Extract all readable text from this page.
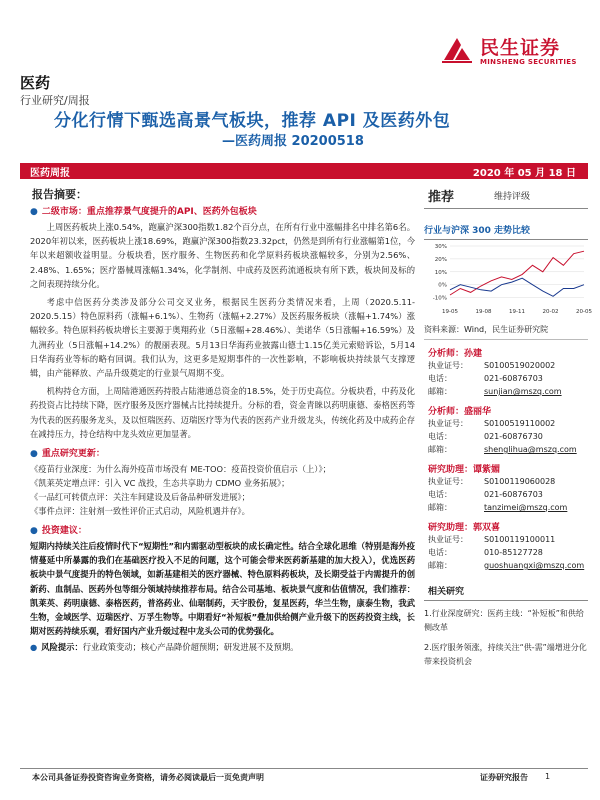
民生证券
MINSHENG SECURITIES
医药
行业研究/周报
分化行情下甄选高景气板块，推荐 API 及医药外包
—医药周报 20200518
医药周报	2020 年 05 月 18 日
报告摘要：
● 二级市场：重点推荐景气度提升的API、医药外包板块

上周医药板块上涨0.54%，跑赢沪深300指数1.82个百分点，在所有行业中涨幅排名中排名第6名。2020年初以来，医药板块上涨18.69%，跑赢沪深300指数23.32pct，仍然是到所有行业涨幅第1位，今年以来超额收益明显。分板块看，医疗服务、生物医药和化学原料药板块涨幅较多，分别为2.56%、2.48%、1.65%；医疗器械周涨幅1.34%，化学制剂、中成药及医药流通板块有所下跌，板块间及标的之间表现持续分化。

考虑中信医药分类涉及部分公司交叉业务，根据民生医药分类情况来看，上周（2020.5.11-2020.5.15）特色原料药（涨幅+6.1%）、生物药（涨幅+2.27%）及医药服务板块（涨幅+1.74%）涨幅较多。特色原料药板块增长主要源于奥翔药业（5日涨幅+28.46%）、美诺华（5日涨幅+16.59%）及九洲药业（5日涨幅+14.2%）的靓丽表现。5月13日华海药业披露山德士1.15亿美元索赔诉讼，5月14日华海药业等标的略有回调。我们认为，这更多是短期事件的一次性影响，不影响板块持续景气支撑逻辑，由产能释放、产品升级奠定的行业景气周期不变。

机构持仓方面，上周陆港通医药持股占陆港通总资金的18.5%，处于历史高位。分板块看，中药及化药投资占比持续下降，医疗服务及医疗器械占比持续提升。分标的看，资金青睐以药明康德、泰格医药等为代表的医药服务龙头，及以恒瑞医药、迈瑞医疗等为代表的医药产业升级龙头，传统化药及中成药企存在减持压力，持仓结构中龙头效应更加显著。

● 重点研究更新：
《疫苗行业深度：为什么海外疫苗市场没有 ME-TOO：疫苗投资价值启示（上）》；
《凯莱英定增点评：引入 VC 战投，生态共享助力 CDMO 业务拓展》；
《一品红可转债点评：关注车间建设及后备品种研发进展》；
《事件点评：注射剂一致性评价正式启动，风险机遇并存》。
● 投资建议：

短期内持续关注后疫情时代下“短期性”和内需驱动型板块的成长确定性。结合全球化思维（特别是海外疫情蔓延中所暴露的我们在基础医疗投入不足的问题，这个可能会带来医药新基建的加大投入），优选医药板块中景气度提升的特色领域，如新基建相关的医疗器械、特色原料药板块，及长期受益于内需提升的创新药、血制品、医药外包等细分领域持续推荐布局。结合公司基地、板块景气度和估值情况，我们推荐：凯莱英、药明康德、泰格医药，普洛药业、仙琚制药，天宇股份，复星医药，华兰生物，康泰生物，我武生物，金域医学、迈瑞医疗、万孚生物等。中期看好“补短板”叠加供给侧产业升级下的医药投资主线，长期对医药持续乐观，看好国内产业升级过程中龙头公司的优势强化。

● 风险提示：行业政策变动；核心产品降价超预期；研发进展不及预期。
推荐	维持评级
行业与沪深 300 走势比较
-10%
0%
10%
20%
30%
19-05	19-08	19-11	20-02	20-05
资料来源：Wind，民生证券研究院
分析师：孙建
执业证号：	S0100519020002
电话：	021-60876703
邮箱：	sunjian@mszq.com
分析师：盛丽华
执业证号：	S0100519110002
电话：	021-60876730
邮箱：	shenglihua@mszq.com
研究助理：谭紫媚
执业证号：	S0100119060028
电话：	021-60876703
邮箱：	tanzimei@mszq.com
研究助理：郭双喜
执业证号：	S0100119100011
电话：	010-85127728
邮箱：	guoshuangxi@mszq.com
相关研究
1.行业深度研究：医药主线：“补短板”和供给侧改革
2.医疗服务领涨，持续关注“供-需”端增进分化带来投资机会
本公司具备证券投资咨询业务资格，请务必阅读最后一页免责声明	证券研究报告 1
